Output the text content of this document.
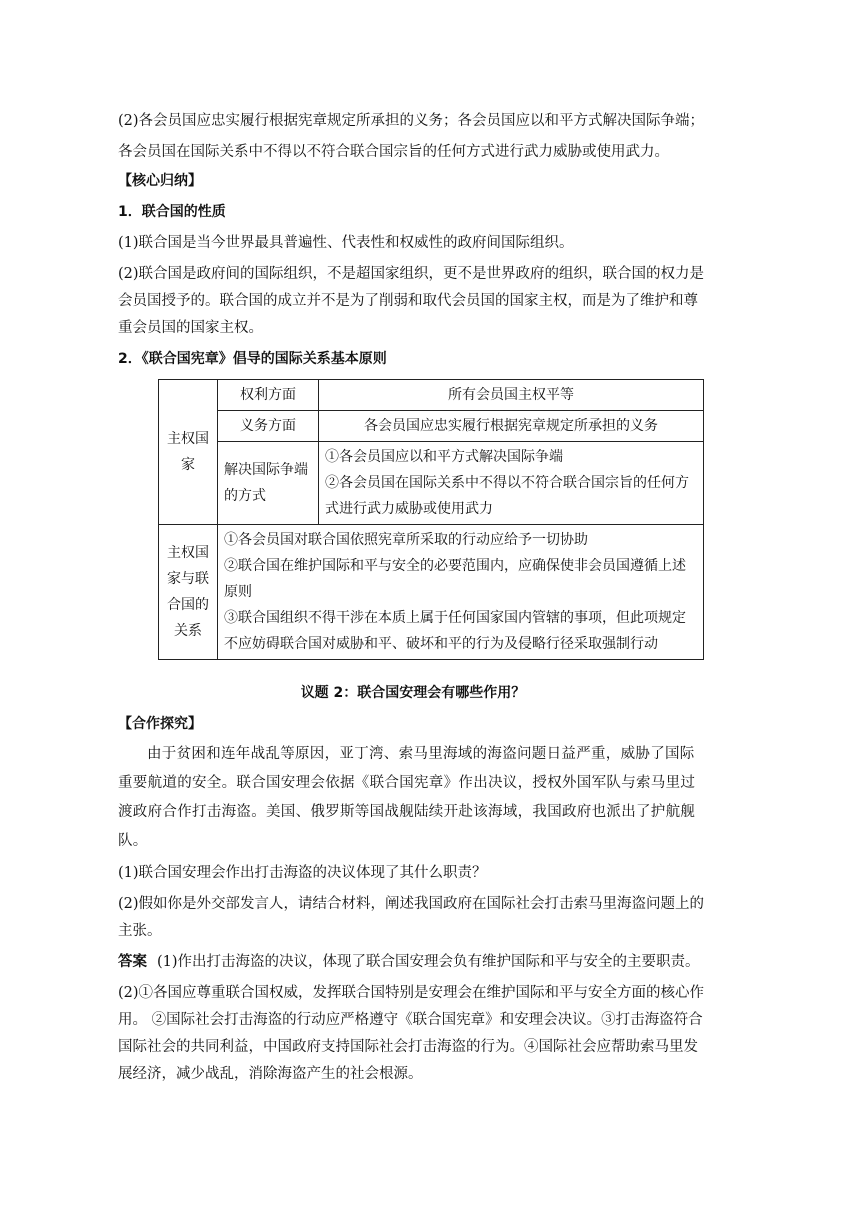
(2)各会员国应忠实履行根据宪章规定所承担的义务；各会员国应以和平方式解决国际争端；

各会员国在国际关系中不得以不符合联合国宗旨的任何方式进行武力威胁或使用武力。

【核心归纳】

1．联合国的性质

(1)联合国是当今世界最具普遍性、代表性和权威性的政府间国际组织。

(2)联合国是政府间的国际组织，不是超国家组织，更不是世界政府的组织，联合国的权力是会员国授予的。联合国的成立并不是为了削弱和取代会员国的国家主权，而是为了维护和尊重会员国的国家主权。

2．《联合国宪章》倡导的国际关系基本原则

主权国家	权利方面	所有会员国主权平等
	义务方面	各会员国应忠实履行根据宪章规定所承担的义务
	解决国际争端的方式	①各会员国应以和平方式解决国际争端
②各会员国在国际关系中不得以不符合联合国宗旨的任何方式进行武力威胁或使用武力

主权国家与联合国的关系	①各会员国对联合国依照宪章所采取的行动应给予一切协助
②联合国在维护国际和平与安全的必要范围内，应确保使非会员国遵循上述原则
③联合国组织不得干涉在本质上属于任何国家国内管辖的事项，但此项规定不应妨碍联合国对威胁和平、破坏和平的行为及侵略行径采取强制行动	

议题 2：联合国安理会有哪些作用？

【合作探究】

由于贫困和连年战乱等原因，亚丁湾、索马里海域的海盗问题日益严重，威胁了国际重要航道的安全。联合国安理会依据《联合国宪章》作出决议，授权外国军队与索马里过渡政府合作打击海盗。美国、俄罗斯等国战舰陆续开赴该海域，我国政府也派出了护航舰队。

(1)联合国安理会作出打击海盗的决议体现了其什么职责？

(2)假如你是外交部发言人，请结合材料，阐述我国政府在国际社会打击索马里海盗问题上的主张。

答案 (1)作出打击海盗的决议，体现了联合国安理会负有维护国际和平与安全的主要职责。

(2)①各国应尊重联合国权威，发挥联合国特别是安理会在维护国际和平与安全方面的核心作用。 ②国际社会打击海盗的行动应严格遵守《联合国宪章》和安理会决议。③打击海盗符合国际社会的共同利益，中国政府支持国际社会打击海盗的行为。④国际社会应帮助索马里发展经济，减少战乱，消除海盗产生的社会根源。
